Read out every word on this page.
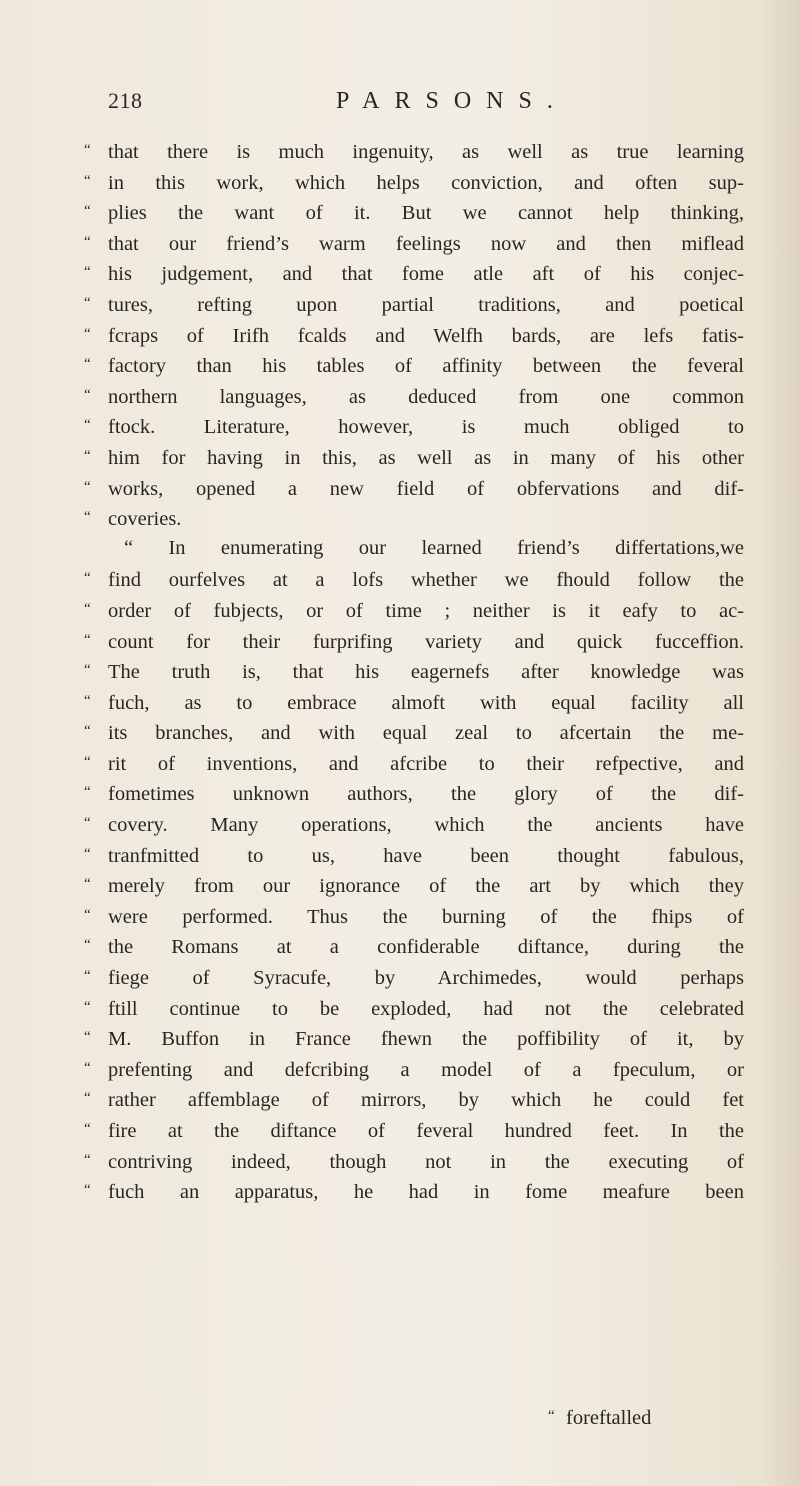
218	PARSONS.
“ that there is much ingenuity, as well as true learning
“ in this work, which helps conviction, and often sup-
“ plies the want of it. But we cannot help thinking,
“ that our friend’s warm feelings now and then miflead
“ his judgement, and that fome atle aft of his conjec-
“ tures, refting upon partial traditions, and poetical
“ fcraps of Irifh fcalds and Welfh bards, are lefs fatis-
“ factory than his tables of affinity between the feveral
“ northern languages, as deduced from one common
“ ftock. Literature, however, is much obliged to
“ him for having in this, as well as in many of his other
“ works, opened a new field of obfervations and dif-
“ coveries.
“ In enumerating our learned friend’s differtations,we
“ find ourfelves at a lofs whether we fhould follow the
“ order of fubjects, or of time ; neither is it eafy to ac-
“ count for their furprifing variety and quick fucceffion.
“ The truth is, that his eagernefs after knowledge was
“ fuch, as to embrace almoft with equal facility all
“ its branches, and with equal zeal to afcertain the me-
“ rit of inventions, and afcribe to their refpective, and
“ fometimes unknown authors, the glory of the dif-
“ covery. Many operations, which the ancients have
“ tranfmitted to us, have been thought fabulous,
“ merely from our ignorance of the art by which they
“ were performed. Thus the burning of the fhips of
“ the Romans at a confiderable diftance, during the
“ fiege of Syracufe, by Archimedes, would perhaps
“ ftill continue to be exploded, had not the celebrated
“ M. Buffon in France fhewn the poffibility of it, by
“ prefenting and defcribing a model of a fpeculum, or
“ rather affemblage of mirrors, by which he could fet
“ fire at the diftance of feveral hundred feet. In the
“ contriving indeed, though not in the executing of
“ fuch an apparatus, he had in fome meafure been
“ foreftalled
